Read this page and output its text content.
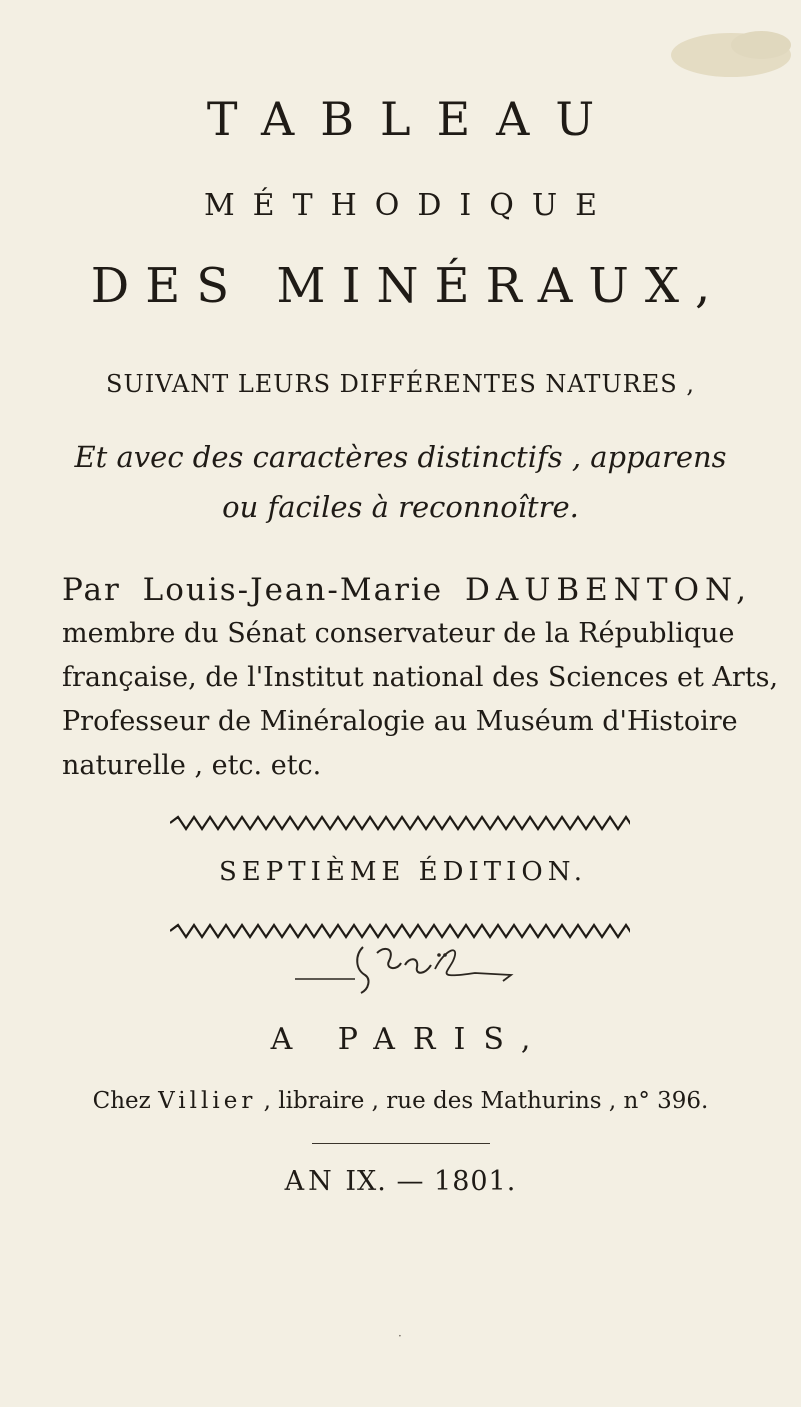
TABLEAU
MÉTHODIQUE
DES MINÉRAUX,
SUIVANT LEURS DIFFÉRENTES NATURES ,
Et avec des caractères distinctifs , apparens
ou faciles à reconnoître.
Par Louis-Jean-Marie DAUBENTON,
membre du Sénat conservateur de la République
française, de l'Institut national des Sciences et Arts,
Professeur de Minéralogie au Muséum d'Histoire
naturelle , etc. etc.
SEPTIÈME ÉDITION.
A PARIS,
Chez Villier , libraire , rue des Mathurins , n° 396.
AN IX. — 1801.
·
